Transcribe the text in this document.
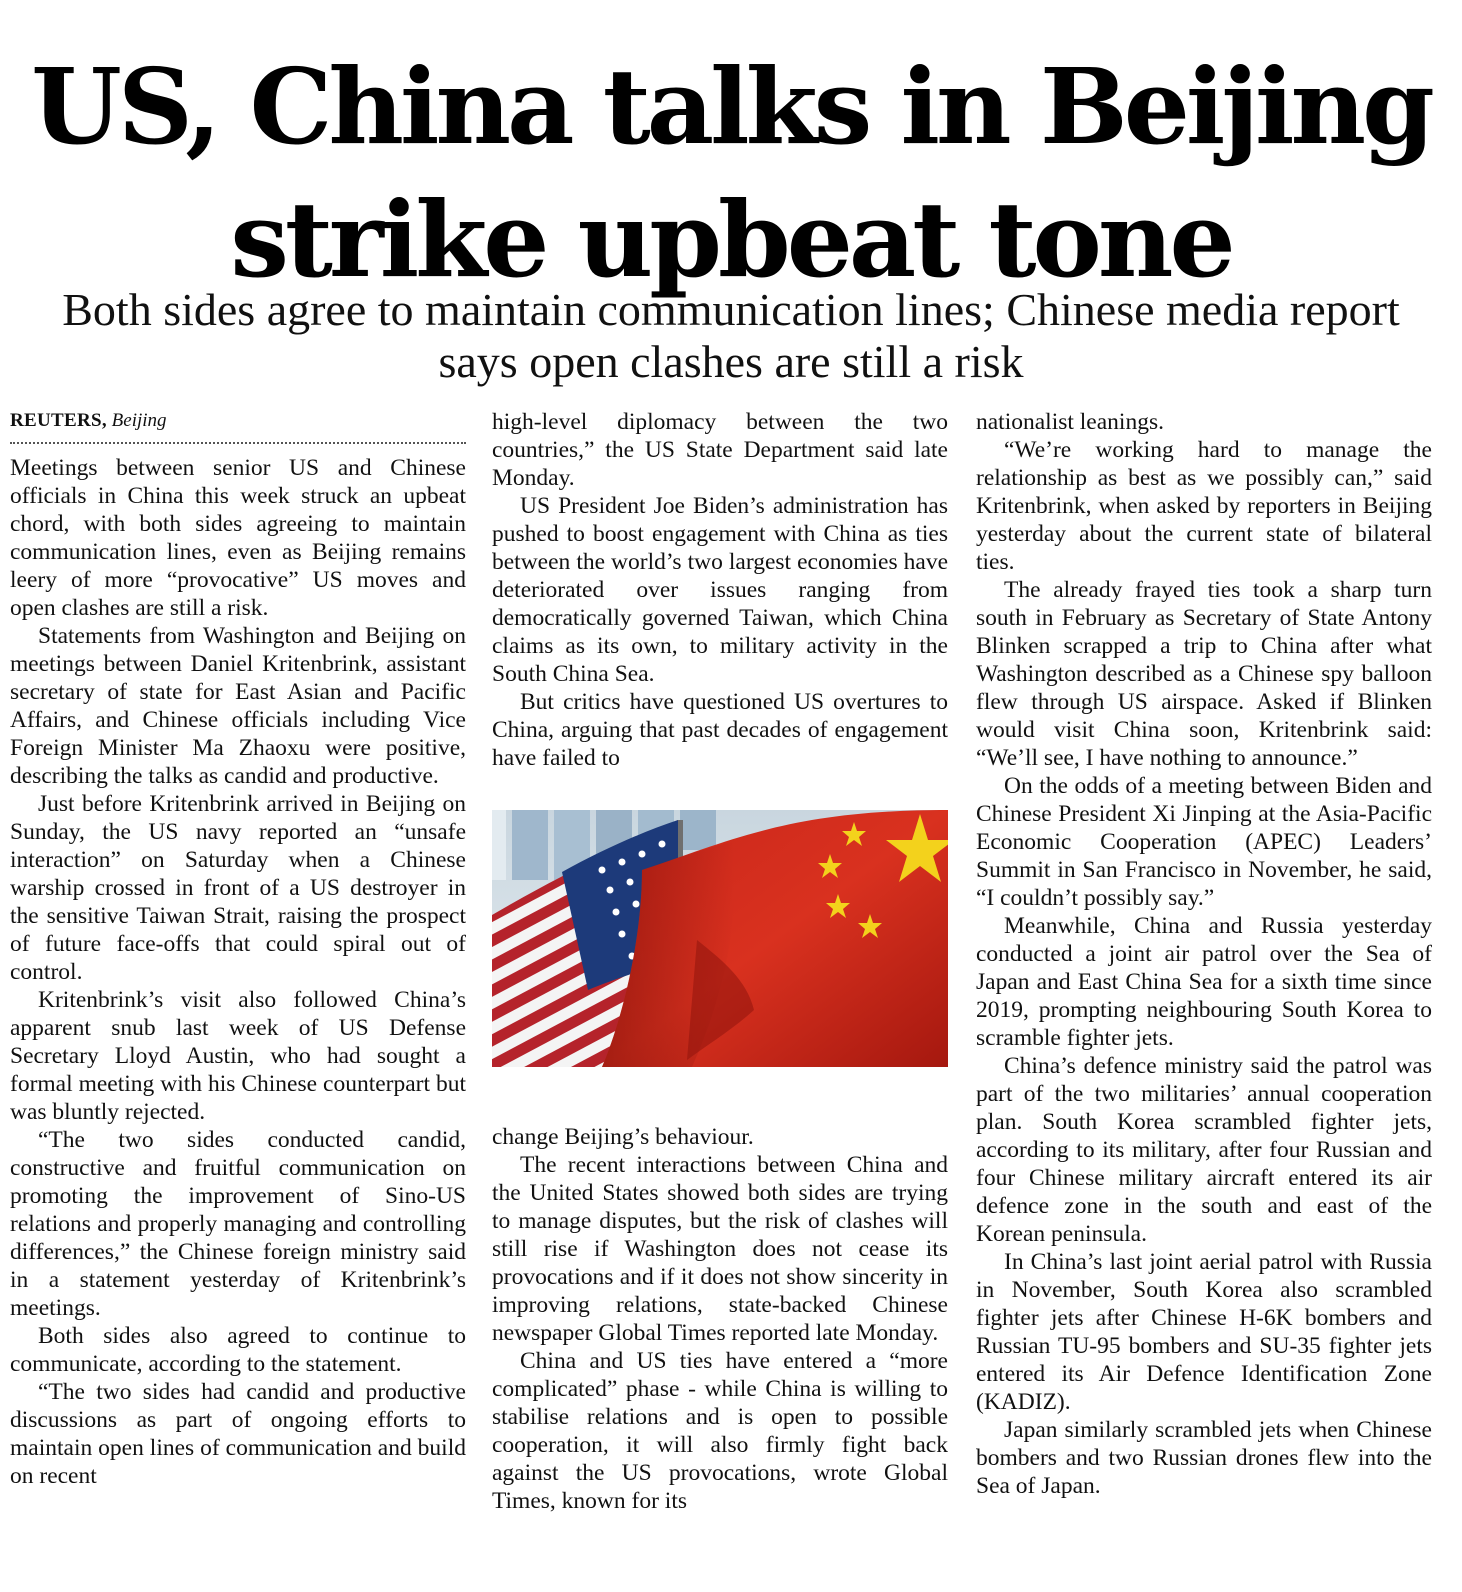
US, China talks in Beijing
strike upbeat tone
Both sides agree to maintain communication lines; Chinese media report says open clashes are still a risk
REUTERS, Beijing

Meetings between senior US and Chinese officials in China this week struck an upbeat chord, with both sides agreeing to maintain communication lines, even as Beijing remains leery of more “provocative” US moves and open clashes are still a risk.

Statements from Washington and Beijing on meetings between Daniel Kritenbrink, assistant secretary of state for East Asian and Pacific Affairs, and Chinese officials including Vice Foreign Minister Ma Zhaoxu were positive, describing the talks as candid and productive.

Just before Kritenbrink arrived in Beijing on Sunday, the US navy reported an “unsafe interaction” on Saturday when a Chinese warship crossed in front of a US destroyer in the sensitive Taiwan Strait, raising the prospect of future face-offs that could spiral out of control.

Kritenbrink’s visit also followed China’s apparent snub last week of US Defense Secretary Lloyd Austin, who had sought a formal meeting with his Chinese counterpart but was bluntly rejected.

“The two sides conducted candid, constructive and fruitful communication on promoting the improvement of Sino-US relations and properly managing and controlling differences,” the Chinese foreign ministry said in a statement yesterday of Kritenbrink’s meetings.

Both sides also agreed to continue to communicate, according to the statement.

“The two sides had candid and productive discussions as part of ongoing efforts to maintain open lines of communication and build on recent

high-level diplomacy between the two countries,” the US State Department said late Monday.

US President Joe Biden’s administration has pushed to boost engagement with China as ties between the world’s two largest economies have deteriorated over issues ranging from democratically governed Taiwan, which China claims as its own, to military activity in the South China Sea.

But critics have questioned US overtures to China, arguing that past decades of engagement have failed to

change Beijing’s behaviour.

The recent interactions between China and the United States showed both sides are trying to manage disputes, but the risk of clashes will still rise if Washington does not cease its provocations and if it does not show sincerity in improving relations, state-backed Chinese newspaper Global Times reported late Monday.

China and US ties have entered a “more complicated” phase - while China is willing to stabilise relations and is open to possible cooperation, it will also firmly fight back against the US provocations, wrote Global Times, known for its

nationalist leanings.

“We’re working hard to manage the relationship as best as we possibly can,” said Kritenbrink, when asked by reporters in Beijing yesterday about the current state of bilateral ties.

The already frayed ties took a sharp turn south in February as Secretary of State Antony Blinken scrapped a trip to China after what Washington described as a Chinese spy balloon flew through US airspace. Asked if Blinken would visit China soon, Kritenbrink said: “We’ll see, I have nothing to announce.”

On the odds of a meeting between Biden and Chinese President Xi Jinping at the Asia-Pacific Economic Cooperation (APEC) Leaders’ Summit in San Francisco in November, he said, “I couldn’t possibly say.”

Meanwhile, China and Russia yesterday conducted a joint air patrol over the Sea of Japan and East China Sea for a sixth time since 2019, prompting neighbouring South Korea to scramble fighter jets.

China’s defence ministry said the patrol was part of the two militaries’ annual cooperation plan. South Korea scrambled fighter jets, according to its military, after four Russian and four Chinese military aircraft entered its air defence zone in the south and east of the Korean peninsula.

In China’s last joint aerial patrol with Russia in November, South Korea also scrambled fighter jets after Chinese H-6K bombers and Russian TU-95 bombers and SU-35 fighter jets entered its Air Defence Identification Zone (KADIZ).

Japan similarly scrambled jets when Chinese bombers and two Russian drones flew into the Sea of Japan.
